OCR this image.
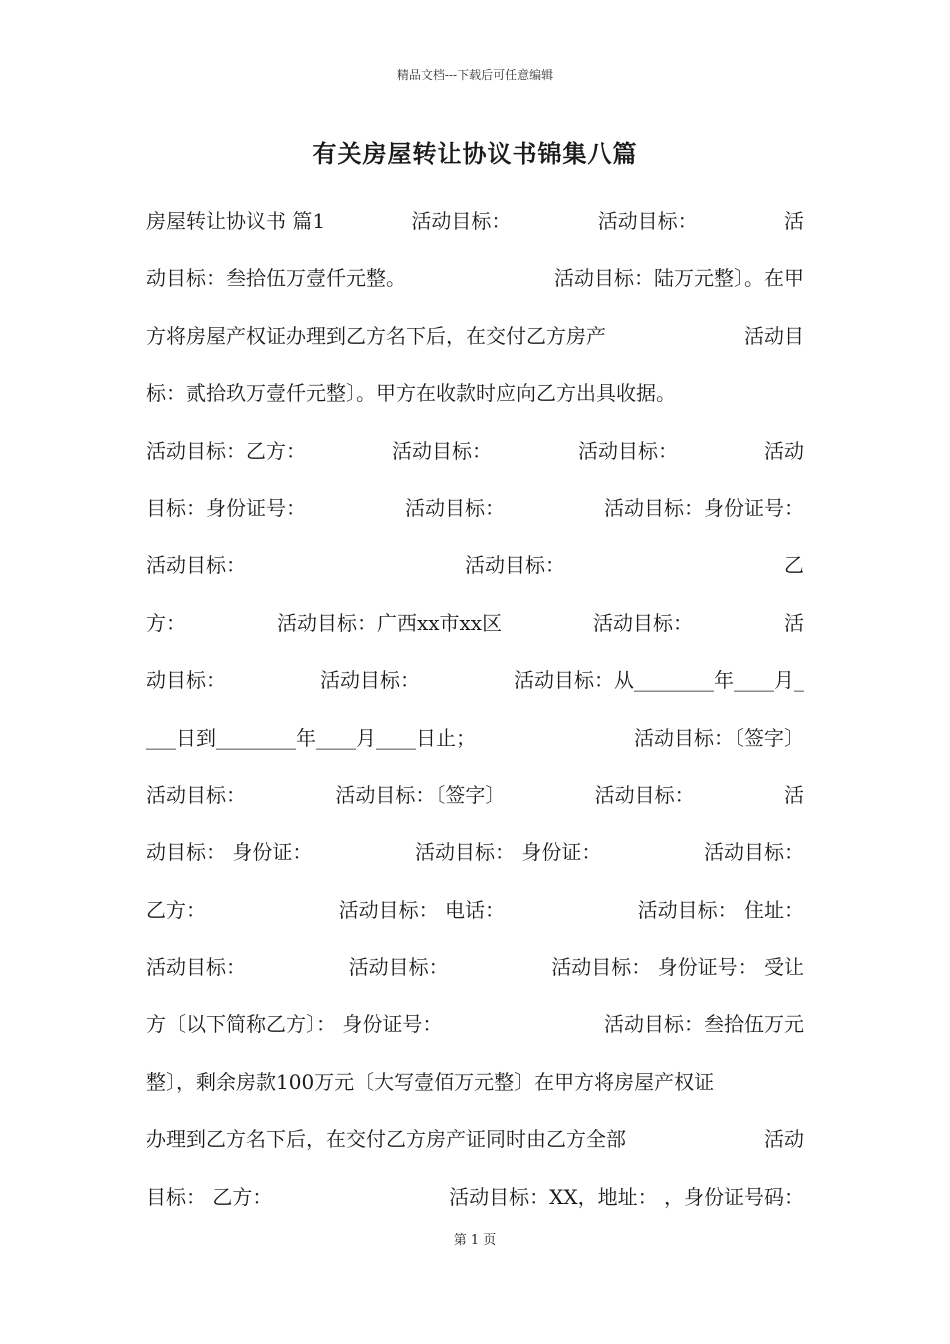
精品文档---下载后可任意编辑
有关房屋转让协议书锦集八篇
房屋转让协议书 篇1	活动目标：	活动目标：	活
动目标：叁拾伍万壹仟元整。	活动目标：陆万元整〕。在甲
方将房屋产权证办理到乙方名下后，在交付乙方房产	活动目
标：贰拾玖万壹仟元整〕。甲方在收款时应向乙方出具收据。
活动目标：乙方：	活动目标：	活动目标：	活动
目标：身份证号：	活动目标：	活动目标：身份证号：
活动目标：	活动目标：	乙
方：	活动目标：广西xx市xx区	活动目标：	活
动目标：	活动目标：	活动目标：从________年____月_
___日到________年____月____日止；	活动目标：〔签字〕
活动目标：	活动目标：〔签字〕	活动目标：	活
动目标： 身份证：	活动目标： 身份证：	活动目标：
乙方：	活动目标： 电话：	活动目标： 住址：
活动目标：	活动目标：	活动目标： 身份证号： 受让
方〔以下简称乙方〕： 身份证号：	活动目标：叁拾伍万元
整〕，剩余房款100万元〔大写壹佰万元整〕在甲方将房屋产权证
办理到乙方名下后，在交付乙方房产证同时由乙方全部	活动
目标： 乙方：	活动目标：XX，地址： ，身份证号码：
第 1 页
